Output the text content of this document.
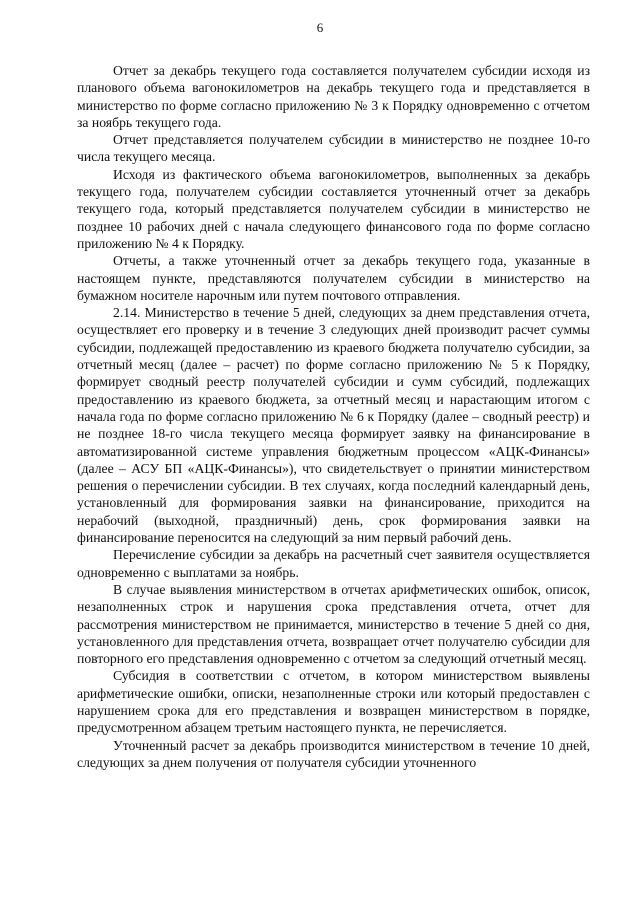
6

Отчет за декабрь текущего года составляется получателем субсидии исходя из планового объема вагонокилометров на декабрь текущего года и представляется в министерство по форме согласно приложению № 3 к Порядку одновременно с отчетом за ноябрь текущего года.

Отчет представляется получателем субсидии в министерство не позднее 10-го числа текущего месяца.

Исходя из фактического объема вагонокилометров, выполненных за декабрь текущего года, получателем субсидии составляется уточненный отчет за декабрь текущего года, который представляется получателем субсидии в министерство не позднее 10 рабочих дней с начала следующего финансового года по форме согласно приложению № 4 к Порядку.

Отчеты, а также уточненный отчет за декабрь текущего года, указанные в настоящем пункте, представляются получателем субсидии в министерство на бумажном носителе нарочным или путем почтового отправления.

2.14. Министерство в течение 5 дней, следующих за днем представления отчета, осуществляет его проверку и в течение 3 следующих дней производит расчет суммы субсидии, подлежащей предоставлению из краевого бюджета получателю субсидии, за отчетный месяц (далее – расчет) по форме согласно приложению № 5 к Порядку, формирует сводный реестр получателей субсидии и сумм субсидий, подлежащих предоставлению из краевого бюджета, за отчетный месяц и нарастающим итогом с начала года по форме согласно приложению № 6 к Порядку (далее – сводный реестр) и не позднее 18-го числа текущего месяца формирует заявку на финансирование в автоматизированной системе управления бюджетным процессом «АЦК-Финансы» (далее – АСУ БП «АЦК-Финансы»), что свидетельствует о принятии министерством решения о перечислении субсидии. В тех случаях, когда последний календарный день, установленный для формирования заявки на финансирование, приходится на нерабочий (выходной, праздничный) день, срок формирования заявки на финансирование переносится на следующий за ним первый рабочий день.

Перечисление субсидии за декабрь на расчетный счет заявителя осуществляется одновременно с выплатами за ноябрь.

В случае выявления министерством в отчетах арифметических ошибок, описок, незаполненных строк и нарушения срока представления отчета, отчет для рассмотрения министерством не принимается, министерство в течение 5 дней со дня, установленного для представления отчета, возвращает отчет получателю субсидии для повторного его представления одновременно с отчетом за следующий отчетный месяц.

Субсидия в соответствии с отчетом, в котором министерством выявлены арифметические ошибки, описки, незаполненные строки или который предоставлен с нарушением срока для его представления и возвращен министерством в порядке, предусмотренном абзацем третьим настоящего пункта, не перечисляется.

Уточненный расчет за декабрь производится министерством в течение 10 дней, следующих за днем получения от получателя субсидии уточненного
